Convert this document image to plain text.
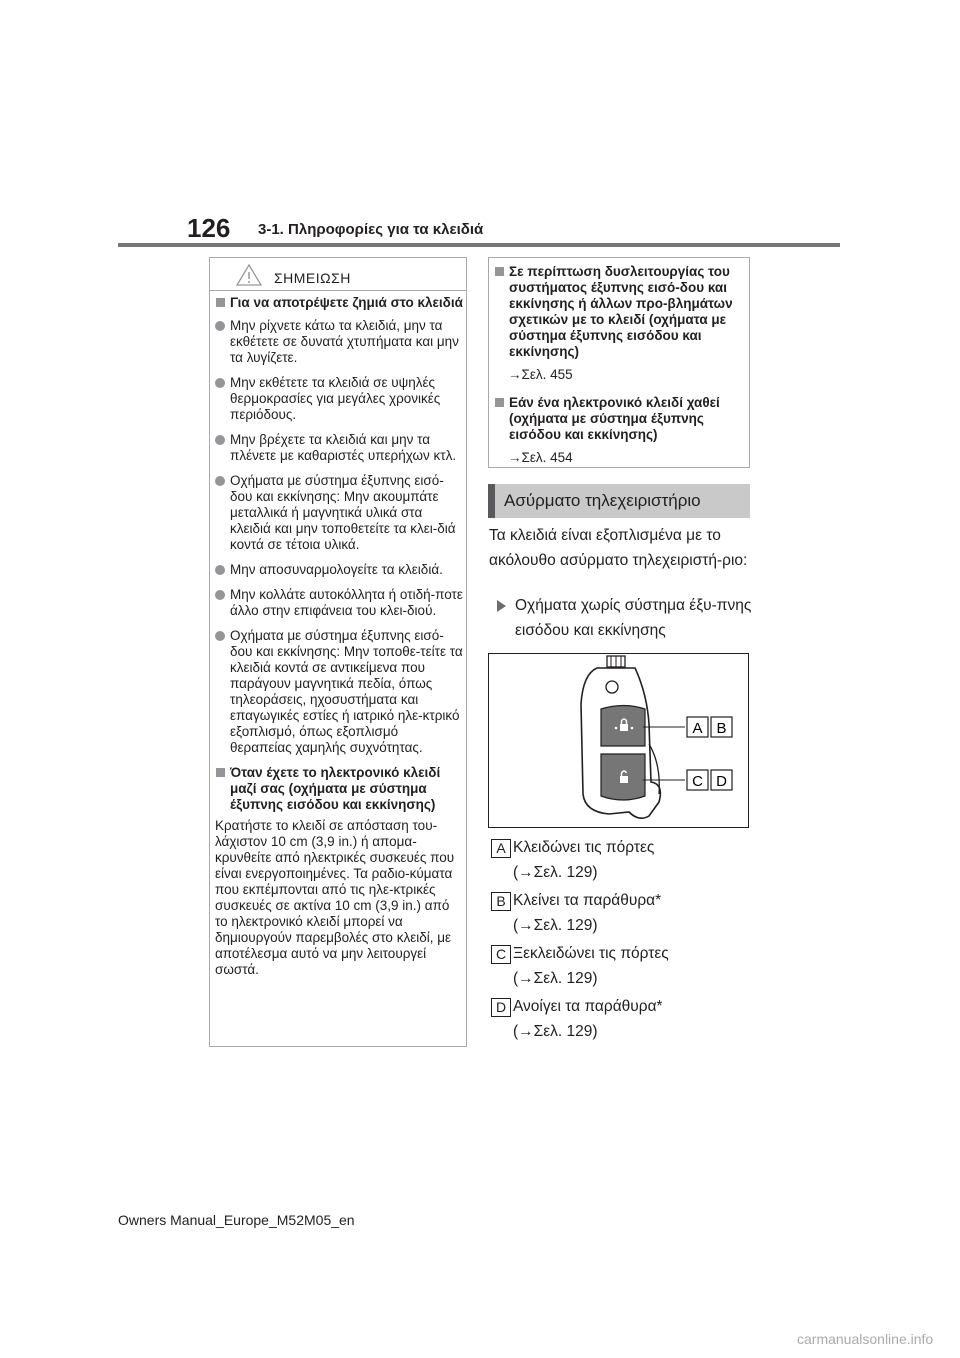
126 3-1. Πληροφορίες για τα κλειδιά
ΣΗΜΕΙΩΣΗ
Για να αποτρέψετε ζημιά στο κλειδιά
Μην ρίχνετε κάτω τα κλειδιά, μην τα εκθέτετε σε δυνατά χτυπήματα και μην τα λυγίζετε.
Μην εκθέτετε τα κλειδιά σε υψηλές θερμοκρασίες για μεγάλες χρονικές περιόδους.
Μην βρέχετε τα κλειδιά και μην τα πλένετε με καθαριστές υπερήχων κτλ.
Οχήματα με σύστημα έξυπνης εισό-δου και εκκίνησης: Μην ακουμπάτε μεταλλικά ή μαγνητικά υλικά στα κλειδιά και μην τοποθετείτε τα κλει-διά κοντά σε τέτοια υλικά.
Μην αποσυναρμολογείτε τα κλειδιά.
Μην κολλάτε αυτοκόλλητα ή οτιδή-ποτε άλλο στην επιφάνεια του κλει-διού.
Οχήματα με σύστημα έξυπνης εισό-δου και εκκίνησης: Μην τοποθε-τείτε τα κλειδιά κοντά σε αντικείμενα που παράγουν μαγνητικά πεδία, όπως τηλεοράσεις, ηχοσυστήματα και επαγωγικές εστίες ή ιατρικό ηλε-κτρικό εξοπλισμό, όπως εξοπλισμό θεραπείας χαμηλής συχνότητας.
Όταν έχετε το ηλεκτρονικό κλειδί μαζί σας (οχήματα με σύστημα έξυπνης εισόδου και εκκίνησης)
Κρατήστε το κλειδί σε απόσταση του-λάχιστον 10 cm (3,9 in.) ή απομα-κρυνθείτε από ηλεκτρικές συσκευές που είναι ενεργοποιημένες. Τα ραδιο-κύματα που εκπέμπονται από τις ηλε-κτρικές συσκευές σε ακτίνα 10 cm (3,9 in.) από το ηλεκτρονικό κλειδί μπορεί να δημιουργούν παρεμβολές στο κλειδί, με αποτέλεσμα αυτό να μην λειτουργεί σωστά.
Σε περίπτωση δυσλειτουργίας του συστήματος έξυπνης εισό-δου και εκκίνησης ή άλλων προ-βλημάτων σχετικών με το κλειδί (οχήματα με σύστημα έξυπνης εισόδου και εκκίνησης)
→Σελ. 455
Εάν ένα ηλεκτρονικό κλειδί χαθεί (οχήματα με σύστημα έξυπνης εισόδου και εκκίνησης)
→Σελ. 454
Ασύρματο τηλεχειριστήριο
Τα κλειδιά είναι εξοπλισμένα με το ακόλουθο ασύρματο τηλεχειριστή-ριο:
Οχήματα χωρίς σύστημα έξυ-πνης εισόδου και εκκίνησης
A B
C D
A Κλειδώνει τις πόρτες
(→Σελ. 129)
B Κλείνει τα παράθυρα*
(→Σελ. 129)
C Ξεκλειδώνει τις πόρτες
(→Σελ. 129)
D Ανοίγει τα παράθυρα*
(→Σελ. 129)
Owners Manual_Europe_M52M05_en
carmanualsonline.info
